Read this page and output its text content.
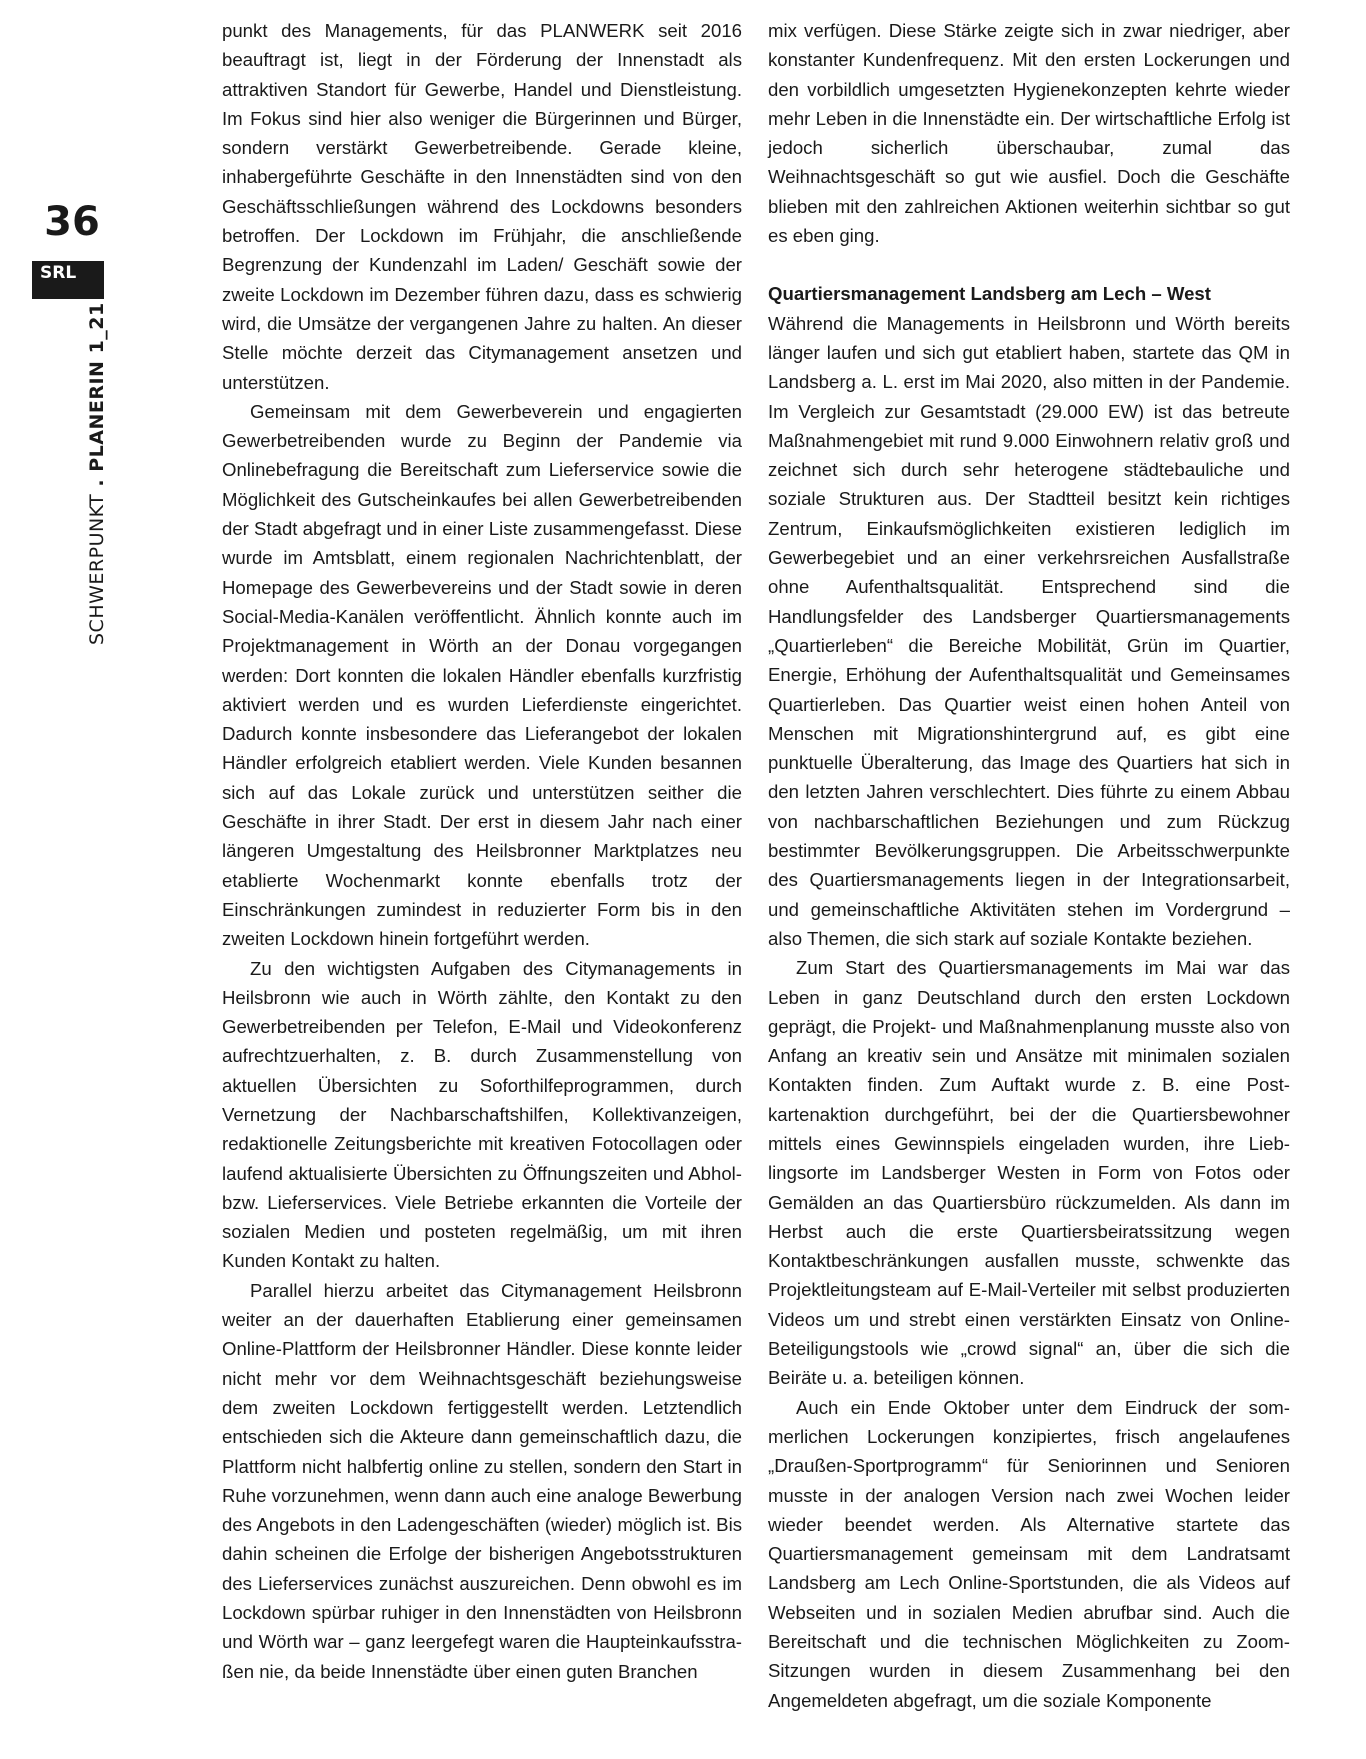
36
SRL
SCHWERPUNKT . PLANERIN 1_21

punkt des Managements, für das PLANWERK seit 2016 beauftragt ist, liegt in der Förderung der Innenstadt als attraktiven Standort für Gewerbe, Handel und Dienstleistung. Im Fokus sind hier also weniger die Bürgerinnen und Bürger, sondern verstärkt Gewerbetreibende. Gerade kleine, inhabergeführte Geschäfte in den Innenstädten sind von den Geschäftsschließungen während des Lockdowns besonders betroffen. Der Lockdown im Frühjahr, die anschließende Begrenzung der Kundenzahl im Laden/ Geschäft sowie der zweite Lockdown im Dezember führen dazu, dass es schwierig wird, die Umsätze der vergangenen Jahre zu halten. An dieser Stelle möchte derzeit das Citymanagement ansetzen und unterstützen.

Gemeinsam mit dem Gewerbeverein und engagierten Gewerbetreibenden wurde zu Beginn der Pandemie via Onlinebefragung die Bereitschaft zum Lieferservice sowie die Möglichkeit des Gutscheinkaufes bei allen Gewerbetreibenden der Stadt abgefragt und in einer Liste zusammengefasst. Diese wurde im Amtsblatt, einem regionalen Nachrichtenblatt, der Homepage des Gewerbevereins und der Stadt sowie in deren Social-Media-Kanälen veröffentlicht. Ähnlich konnte auch im Projektmanagement in Wörth an der Donau vorgegangen werden: Dort konnten die lokalen Händler ebenfalls kurzfristig aktiviert werden und es wurden Lieferdienste eingerichtet. Dadurch konnte insbesondere das Lieferangebot der lokalen Händler erfolgreich etabliert werden. Viele Kunden besannen sich auf das Lokale zurück und unterstützen seither die Geschäfte in ihrer Stadt. Der erst in diesem Jahr nach einer längeren Umgestaltung des Heilsbronner Marktplatzes neu etablierte Wochenmarkt konnte ebenfalls trotz der Einschränkungen zumindest in reduzierter Form bis in den zweiten Lockdown hinein fortgeführt werden.

Zu den wichtigsten Aufgaben des Citymanagements in Heilsbronn wie auch in Wörth zählte, den Kontakt zu den Gewerbetreibenden per Telefon, E-Mail und Videokonferenz aufrechtzuerhalten, z. B. durch Zusammenstellung von aktuellen Übersichten zu Soforthilfeprogrammen, durch Vernetzung der Nachbarschaftshilfen, Kollektivanzeigen, redaktionelle Zeitungsberichte mit kreativen Fotocollagen oder laufend aktualisierte Übersichten zu Öffnungszeiten und Abhol- bzw. Lieferservices. Viele Betriebe erkannten die Vorteile der sozialen Medien und posteten regelmäßig, um mit ihren Kunden Kontakt zu halten.

Parallel hierzu arbeitet das Citymanagement Heilsbronn weiter an der dauerhaften Etablierung einer gemeinsamen Online-Plattform der Heilsbronner Händler. Diese konnte leider nicht mehr vor dem Weihnachtsgeschäft beziehungsweise dem zweiten Lockdown fertiggestellt werden. Letztendlich entschieden sich die Akteure dann gemeinschaftlich dazu, die Plattform nicht halbfertig online zu stellen, sondern den Start in Ruhe vorzunehmen, wenn dann auch eine analoge Bewerbung des Angebots in den Ladengeschäften (wieder) möglich ist. Bis dahin scheinen die Erfolge der bisherigen Angebotsstrukturen des Lieferservices zunächst auszureichen. Denn obwohl es im Lockdown spürbar ruhiger in den Innenstädten von Heilsbronn und Wörth war – ganz leergefegt waren die Haupteinkaufsstraßen nie, da beide Innenstädte über einen guten Branchen

mix verfügen. Diese Stärke zeigte sich in zwar niedriger, aber konstanter Kundenfrequenz. Mit den ersten Lockerungen und den vorbildlich umgesetzten Hygienekonzepten kehrte wieder mehr Leben in die Innenstädte ein. Der wirtschaftliche Erfolg ist jedoch sicherlich überschaubar, zumal das Weihnachtsgeschäft so gut wie ausfiel. Doch die Geschäfte blieben mit den zahlreichen Aktionen weiterhin sichtbar so gut es eben ging.

Quartiersmanagement Landsberg am Lech – West

Während die Managements in Heilsbronn und Wörth bereits länger laufen und sich gut etabliert haben, startete das QM in Landsberg a. L. erst im Mai 2020, also mitten in der Pandemie. Im Vergleich zur Gesamtstadt (29.000 EW) ist das betreute Maßnahmengebiet mit rund 9.000 Einwohnern relativ groß und zeichnet sich durch sehr heterogene städtebauliche und soziale Strukturen aus. Der Stadtteil besitzt kein richtiges Zentrum, Einkaufsmöglichkeiten existieren lediglich im Gewerbegebiet und an einer verkehrsreichen Ausfallstraße ohne Aufenthaltsqualität. Entsprechend sind die Handlungsfelder des Landsberger Quartiersmanagements „Quartierleben“ die Bereiche Mobilität, Grün im Quartier, Energie, Erhöhung der Aufenthaltsqualität und Gemeinsames Quartierleben. Das Quartier weist einen hohen Anteil von Menschen mit Migrationshintergrund auf, es gibt eine punktuelle Überalterung, das Image des Quartiers hat sich in den letzten Jahren verschlechtert. Dies führte zu einem Abbau von nachbarschaftlichen Beziehungen und zum Rückzug bestimmter Bevölkerungsgruppen. Die Arbeitsschwerpunkte des Quartiersmanagements liegen in der Integrationsarbeit, und gemeinschaftliche Aktivitäten stehen im Vordergrund – also Themen, die sich stark auf soziale Kontakte beziehen.

Zum Start des Quartiersmanagements im Mai war das Leben in ganz Deutschland durch den ersten Lockdown geprägt, die Projekt- und Maßnahmenplanung musste also von Anfang an kreativ sein und Ansätze mit minimalen sozialen Kontakten finden. Zum Auftakt wurde z. B. eine Postkartenaktion durchgeführt, bei der die Quartiersbewohner mittels eines Gewinnspiels eingeladen wurden, ihre Lieblingsorte im Landsberger Westen in Form von Fotos oder Gemälden an das Quartiersbüro rückzumelden. Als dann im Herbst auch die erste Quartiersbeiratssitzung wegen Kontaktbeschränkungen ausfallen musste, schwenkte das Projektleitungsteam auf E-Mail-Verteiler mit selbst produzierten Videos um und strebt einen verstärkten Einsatz von Online-Beteiligungstools wie „crowd signal“ an, über die sich die Beiräte u. a. beteiligen können.

Auch ein Ende Oktober unter dem Eindruck der sommerlichen Lockerungen konzipiertes, frisch angelaufenes „Draußen-Sportprogramm“ für Seniorinnen und Senioren musste in der analogen Version nach zwei Wochen leider wieder beendet werden. Als Alternative startete das Quartiersmanagement gemeinsam mit dem Landratsamt Landsberg am Lech Online-Sportstunden, die als Videos auf Webseiten und in sozialen Medien abrufbar sind. Auch die Bereitschaft und die technischen Möglichkeiten zu Zoom-Sitzungen wurden in diesem Zusammenhang bei den Angemeldeten abgefragt, um die soziale Komponente
